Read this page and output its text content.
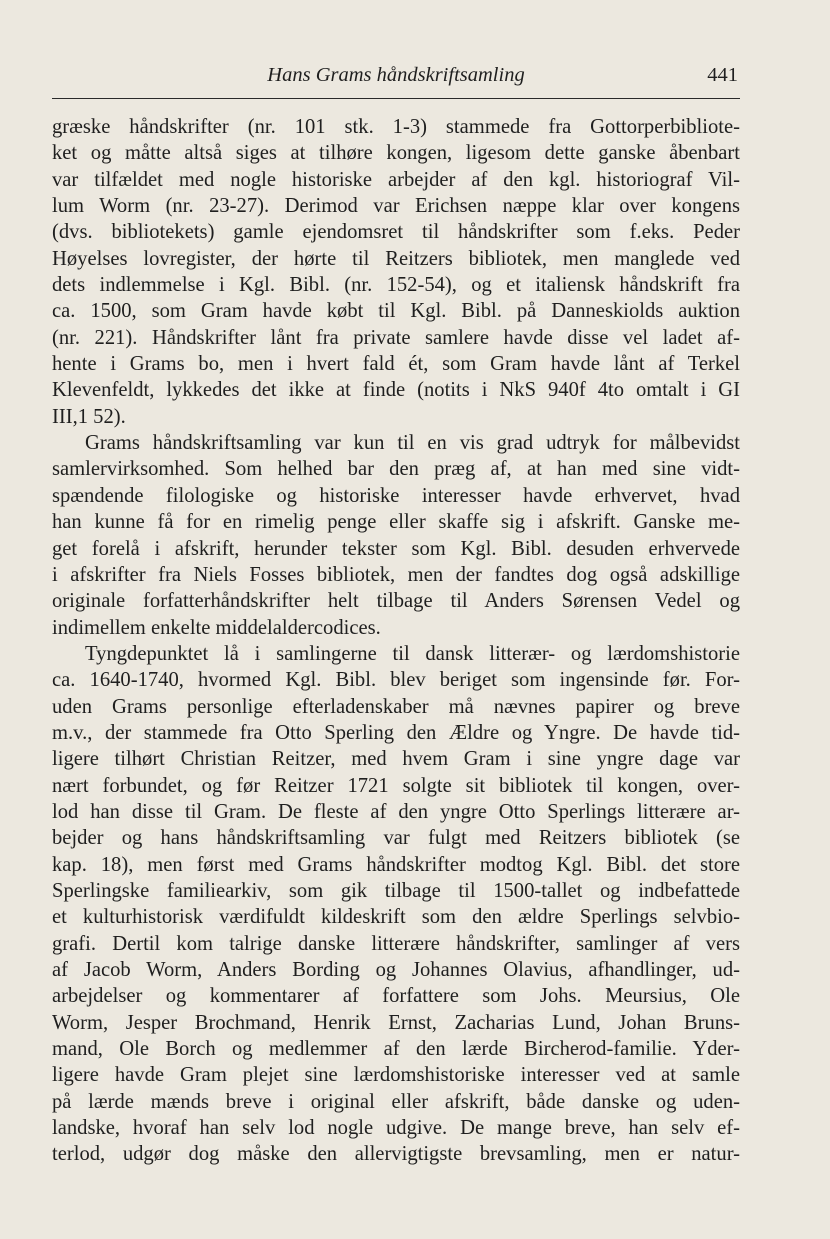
Hans Grams håndskriftsamling	441
græske håndskrifter (nr. 101 stk. 1-3) stammede fra Gottorperbibliote-
ket og måtte altså siges at tilhøre kongen, ligesom dette ganske åbenbart
var tilfældet med nogle historiske arbejder af den kgl. historiograf Vil-
lum Worm (nr. 23-27). Derimod var Erichsen næppe klar over kongens
(dvs. bibliotekets) gamle ejendomsret til håndskrifter som f.eks. Peder
Høyelses lovregister, der hørte til Reitzers bibliotek, men manglede ved
dets indlemmelse i Kgl. Bibl. (nr. 152-54), og et italiensk håndskrift fra
ca. 1500, som Gram havde købt til Kgl. Bibl. på Danneskiolds auktion
(nr. 221). Håndskrifter lånt fra private samlere havde disse vel ladet af-
hente i Grams bo, men i hvert fald ét, som Gram havde lånt af Terkel
Klevenfeldt, lykkedes det ikke at finde (notits i NkS 940f 4to omtalt i GI
III,1 52).
Grams håndskriftsamling var kun til en vis grad udtryk for målbevidst
samlervirksomhed. Som helhed bar den præg af, at han med sine vidt-
spændende filologiske og historiske interesser havde erhvervet, hvad
han kunne få for en rimelig penge eller skaffe sig i afskrift. Ganske me-
get forelå i afskrift, herunder tekster som Kgl. Bibl. desuden erhvervede
i afskrifter fra Niels Fosses bibliotek, men der fandtes dog også adskillige
originale forfatterhåndskrifter helt tilbage til Anders Sørensen Vedel og
indimellem enkelte middelaldercodices.
Tyngdepunktet lå i samlingerne til dansk litterær- og lærdomshistorie
ca. 1640-1740, hvormed Kgl. Bibl. blev beriget som ingensinde før. For-
uden Grams personlige efterladenskaber må nævnes papirer og breve
m.v., der stammede fra Otto Sperling den Ældre og Yngre. De havde tid-
ligere tilhørt Christian Reitzer, med hvem Gram i sine yngre dage var
nært forbundet, og før Reitzer 1721 solgte sit bibliotek til kongen, over-
lod han disse til Gram. De fleste af den yngre Otto Sperlings litterære ar-
bejder og hans håndskriftsamling var fulgt med Reitzers bibliotek (se
kap. 18), men først med Grams håndskrifter modtog Kgl. Bibl. det store
Sperlingske familiearkiv, som gik tilbage til 1500-tallet og indbefattede
et kulturhistorisk værdifuldt kildeskrift som den ældre Sperlings selvbio-
grafi. Dertil kom talrige danske litterære håndskrifter, samlinger af vers
af Jacob Worm, Anders Bording og Johannes Olavius, afhandlinger, ud-
arbejdelser og kommentarer af forfattere som Johs. Meursius, Ole
Worm, Jesper Brochmand, Henrik Ernst, Zacharias Lund, Johan Bruns-
mand, Ole Borch og medlemmer af den lærde Bircherod-familie. Yder-
ligere havde Gram plejet sine lærdomshistoriske interesser ved at samle
på lærde mænds breve i original eller afskrift, både danske og uden-
landske, hvoraf han selv lod nogle udgive. De mange breve, han selv ef-
terlod, udgør dog måske den allervigtigste brevsamling, men er natur-
